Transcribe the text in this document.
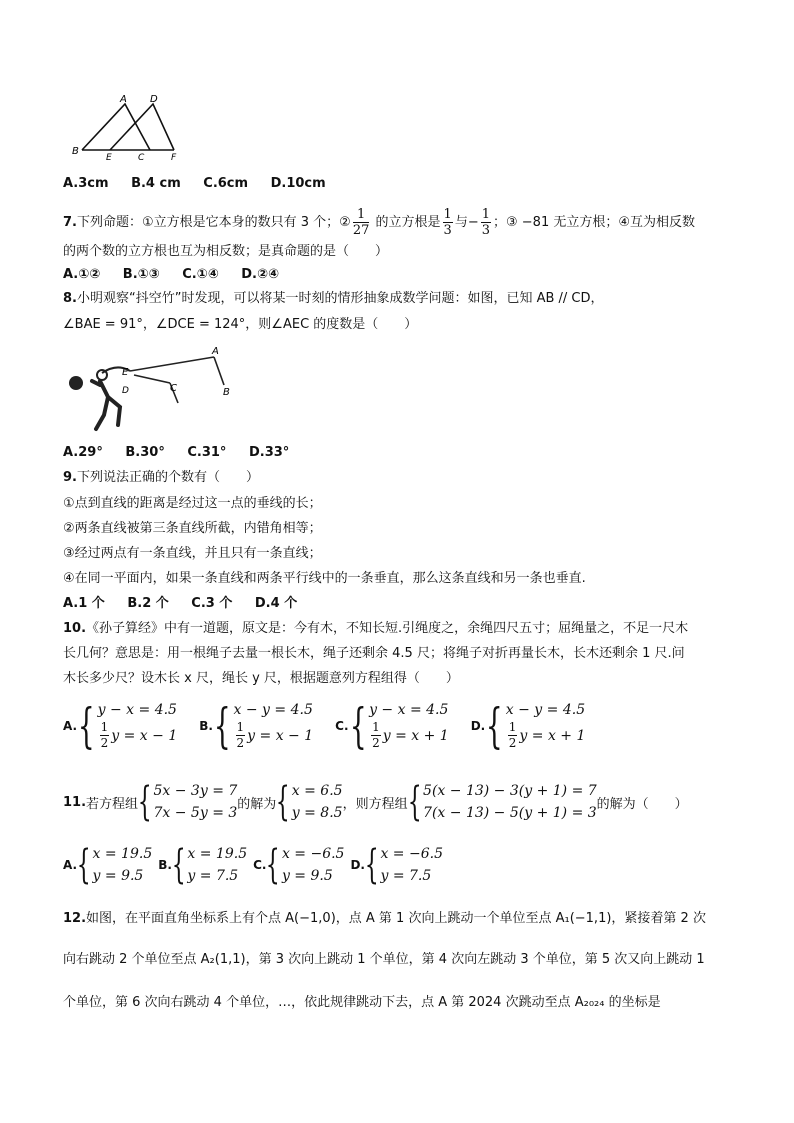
A D
B
E	C	F
A.3cm B.4 cm C.6cm D.10cm
7.下列命题：①立方根是它本身的数只有 3 个；② $\frac{1}{27}$ 的立方根是 $\frac{1}{3}$ 与− $\frac{1}{3}$ ；③ −81 无立方根；④互为相反数
的两个数的立方根也互为相反数；是真命题的是（　　）
A.①② B.①③ C.①④ D.②④
8.小明观察“抖空竹”时发现，可以将某一时刻的情形抽象成数学问题：如图，已知 AB // CD，
∠BAE = 91°，∠DCE = 124°，则∠AEC 的度数是（　　）
A
E
C	B
D
A.29° B.30° C.31° D.33°
9.下列说法正确的个数有（　　）
①点到直线的距离是经过这一点的垂线的长；
②两条直线被第三条直线所截，内错角相等；
③经过两点有一条直线，并且只有一条直线；
④在同一平面内，如果一条直线和两条平行线中的一条垂直，那么这条直线和另一条也垂直.
A.1 个 B.2 个 C.3 个 D.4 个
10.《孙子算经》中有一道题，原文是：今有木，不知长短.引绳度之，余绳四尺五寸；屈绳量之，不足一尺木
长几何？意思是：用一根绳子去量一根长木，绳子还剩余 4.5 尺；将绳子对折再量长木，长木还剩余 1 尺.问
木长多少尺？设木长 x 尺，绳长 y 尺，根据题意列方程组得（　　）
A. { y − x = 4.5
$\frac{1}{2}$ y = x − 1
B. { x − y = 4.5
$\frac{1}{2}$ y = x − 1
C. { y − x = 4.5
$\frac{1}{2}$ y = x + 1
D. { x − y = 4.5
$\frac{1}{2}$ y = x + 1
11. 若方程组 { 5x − 3y = 7
7x − 5y = 3
的解为 { x = 6.5
y = 8.5
，则方程组 { 5(x − 13) − 3(y + 1) = 7
7(x − 13) − 5(y + 1) = 3
的解为（　　）
A. { x = 19.5
y = 9.5
B. { x = 19.5
y = 7.5
C. { x = −6.5
y = 9.5
D. { x = −6.5
y = 7.5
12.如图，在平面直角坐标系上有个点 A(−1,0)，点 A 第 1 次向上跳动一个单位至点 A₁(−1,1)，紧接着第 2 次
向右跳动 2 个单位至点 A₂(1,1)，第 3 次向上跳动 1 个单位，第 4 次向左跳动 3 个单位，第 5 次又向上跳动 1
个单位，第 6 次向右跳动 4 个单位，…，依此规律跳动下去，点 A 第 2024 次跳动至点 A₂₀₂₄ 的坐标是
